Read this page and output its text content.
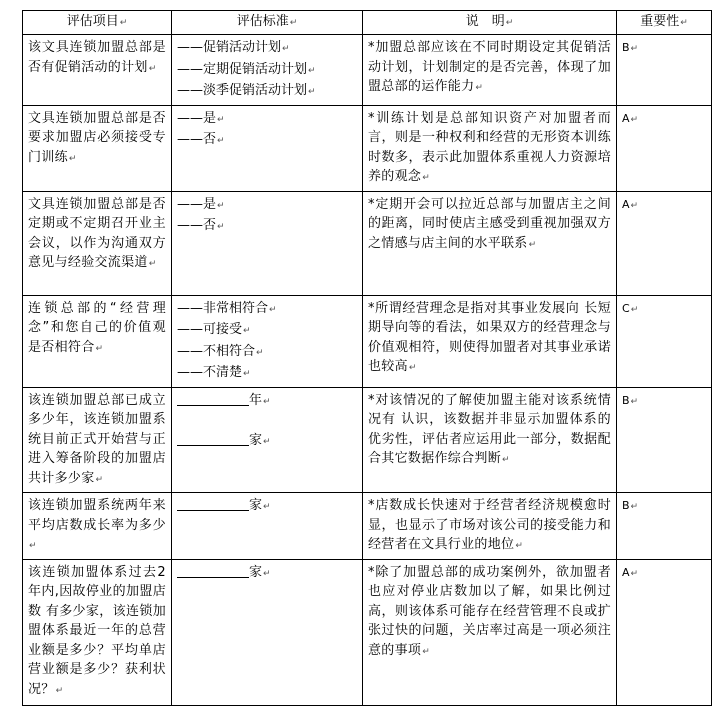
评估项目↵	评估标准↵	说　明↵	重要性↵
该文具连锁加盟总部是否有促销活动的计划↵	——促销活动计划↵
——定期促销活动计划↵
——淡季促销活动计划↵	*加盟总部应该在不同时期设定其促销活动计划，计划制定的是否完善，体现了加盟总部的运作能力↵	B↵
文具连锁加盟总部是否要求加盟店必须接受专门训练↵	——是↵
——否↵	*训练计划是总部知识资产对加盟者而言，则是一种权利和经营的无形资本训练时数多，表示此加盟体系重视人力资源培养的观念↵	A↵
文具连锁加盟总部是否定期或不定期召开业主会议，以作为沟通双方意见与经验交流渠道↵	——是↵
——否↵	*定期开会可以拉近总部与加盟店主之间的距离，同时使店主感受到重视加强双方之情感与店主间的水平联系↵	A↵
连锁总部的“经营理念”和您自己的价值观是否相符合↵	——非常相符合↵
——可接受↵
——不相符合↵
——不清楚↵	*所谓经营理念是指对其事业发展向 长短期导向等的看法，如果双方的经营理念与价值观相符，则使得加盟者对其事业承诺也较高↵	C↵
该连锁加盟总部已成立多少年，该连锁加盟系统目前正式开始营与正进入筹备阶段的加盟店共计多少家↵	年↵
家↵	*对该情况的了解使加盟主能对该系统情况有 认识，该数据并非显示加盟体系的优劣性，评估者应运用此一部分，数据配合其它数据作综合判断↵	B↵
该连锁加盟系统两年来平均店数成长率为多少↵	家↵	*店数成长快速对于经营者经济规模愈时显，也显示了市场对该公司的接受能力和经营者在文具行业的地位↵	B↵
该连锁加盟体系过去2年内,因故停业的加盟店数 有多少家，该连锁加盟体系最近一年的总营业额是多少？平均单店营业额是多少？获利状况？↵	家↵	*除了加盟总部的成功案例外，欲加盟者也应对停业店数加以了解，如果比例过高，则该体系可能存在经营管理不良或扩张过快的问题，关店率过高是一项必须注意的事项↵	A↵
